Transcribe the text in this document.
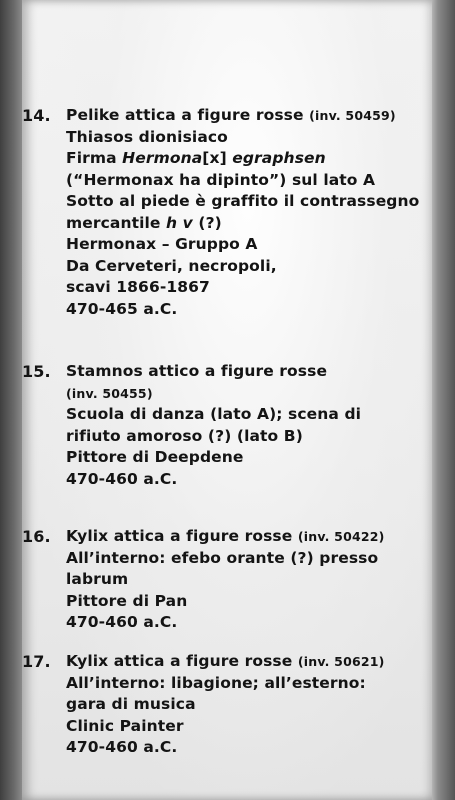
14. Pelike attica a figure rosse (inv. 50459)
Thiasos dionisiaco
Firma Hermona[x] egraphsen
(“Hermonax ha dipinto”) sul lato A
Sotto al piede è graffito il contrassegno
mercantile h v (?)
Hermonax – Gruppo A
Da Cerveteri, necropoli,
scavi 1866-1867
470-465 a.C.
15. Stamnos attico a figure rosse
(inv. 50455)
Scuola di danza (lato A); scena di
rifiuto amoroso (?) (lato B)
Pittore di Deepdene
470-460 a.C.
16. Kylix attica a figure rosse (inv. 50422)
All’interno: efebo orante (?) presso
labrum
Pittore di Pan
470-460 a.C.
17. Kylix attica a figure rosse (inv. 50621)
All’interno: libagione; all’esterno:
gara di musica
Clinic Painter
470-460 a.C.
